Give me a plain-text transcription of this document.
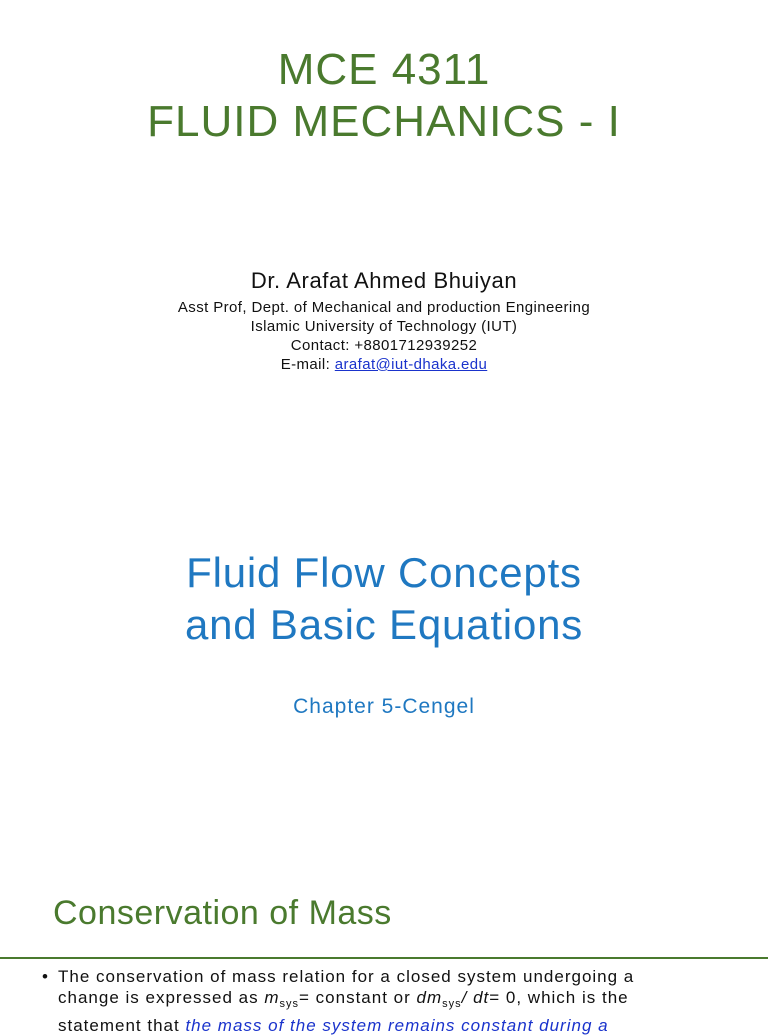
MCE 4311
FLUID MECHANICS - I
Dr. Arafat Ahmed Bhuiyan
Asst Prof, Dept. of Mechanical and production Engineering
Islamic University of Technology (IUT)
Contact: +8801712939252
E-mail: arafat@iut-dhaka.edu
Fluid Flow Concepts
and Basic Equations
Chapter 5-Cengel
Conservation of Mass
• The conservation of mass relation for a closed system undergoing a
change is expressed as $m_{sys}=$ constant or $dm_{sys}/$ dt= 0, which is the
statement that the mass of the system remains constant during a
